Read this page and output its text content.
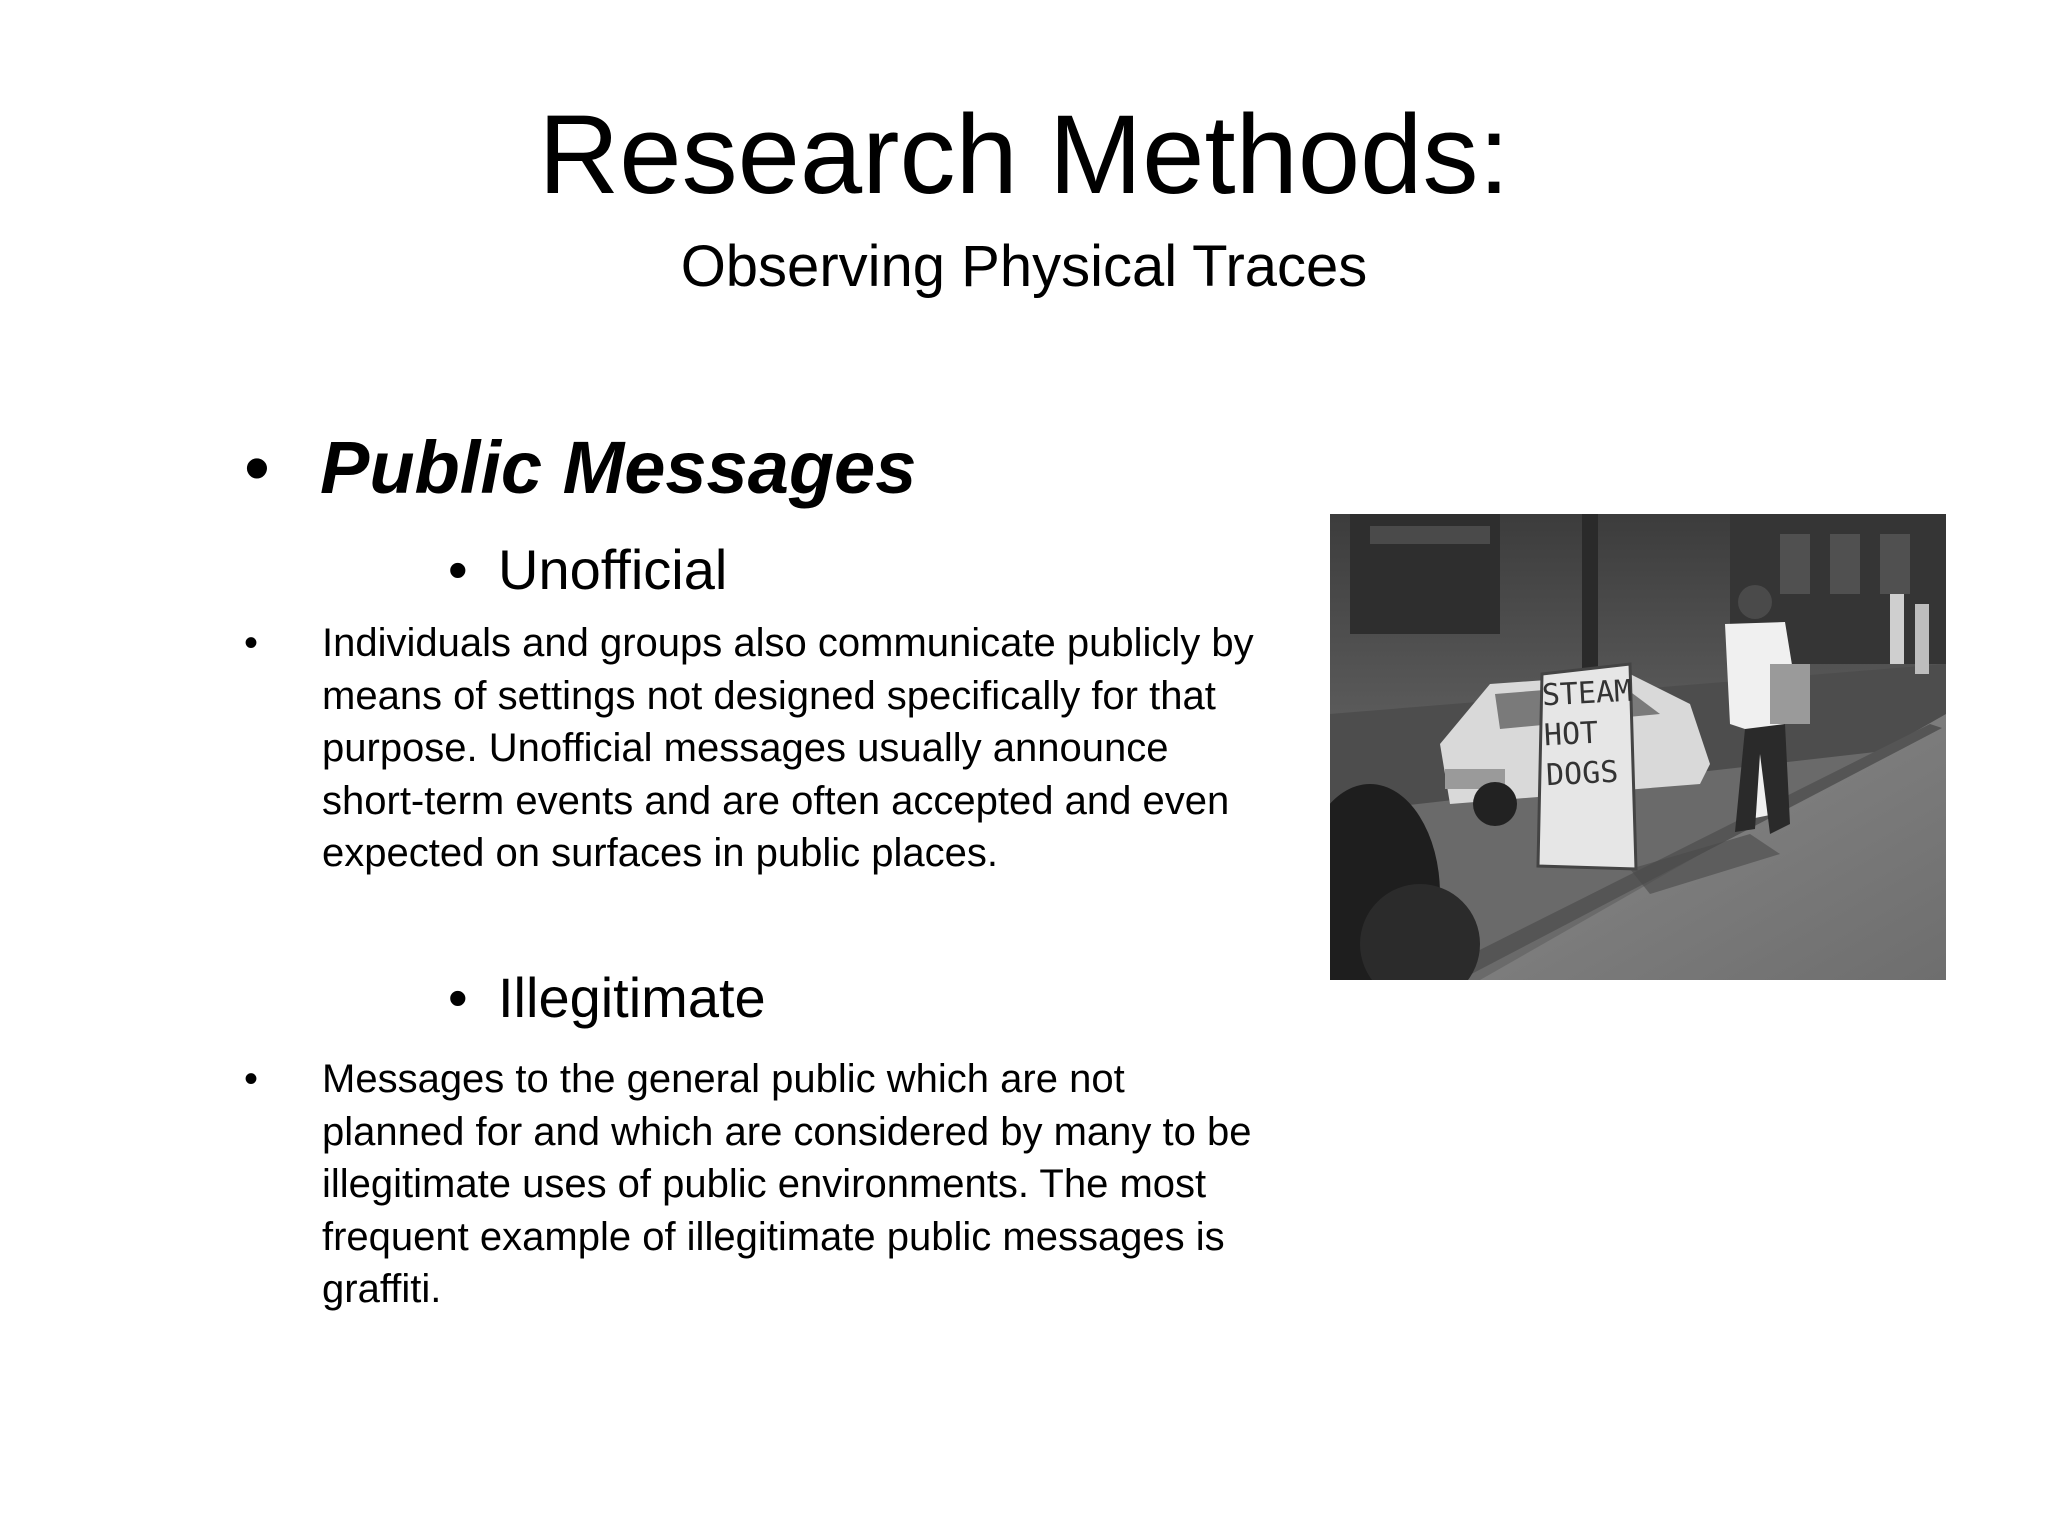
Research Methods:
Observing Physical Traces
• Public Messages
• Unofficial
•	Individuals and groups also communicate publicly by means of settings not designed specifically for that purpose. Unofficial messages usually announce short-term events and are often accepted and even expected on surfaces in public places.
• Illegitimate
•	Messages to the general public which are not planned for and which are considered by many to be illegitimate uses of public environments. The most frequent example of illegitimate public messages is graffiti.
STEAM
HOT
DOGS
